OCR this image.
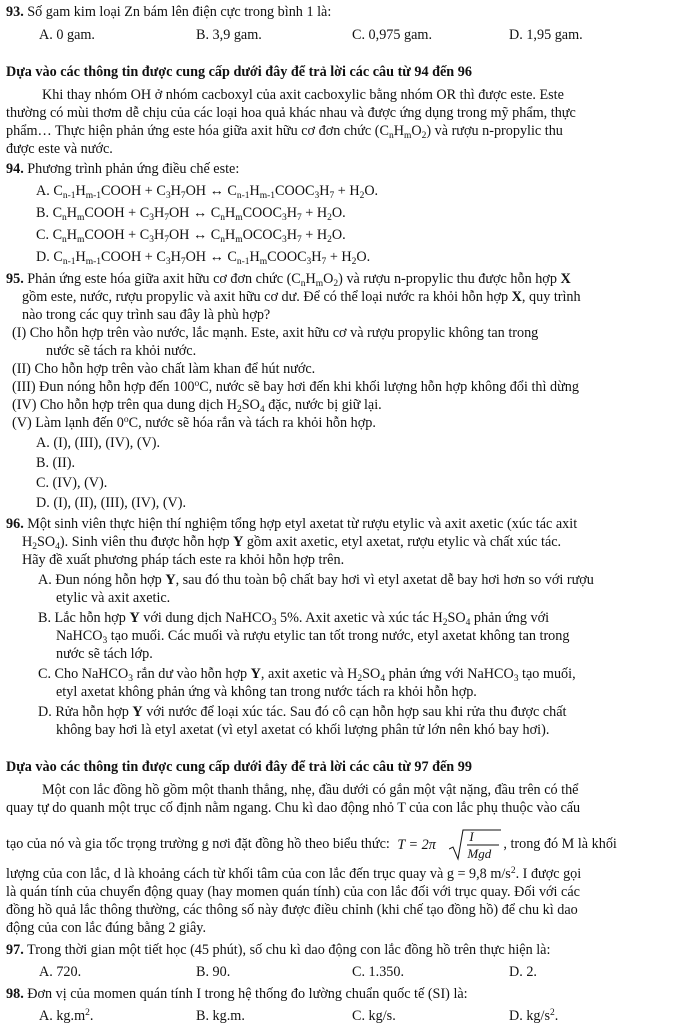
93. Số gam kim loại Zn bám lên điện cực trong bình 1 là:
A. 0 gam.	B. 3,9 gam.	C. 0,975 gam.	D. 1,95 gam.
Dựa vào các thông tin được cung cấp dưới đây để trả lời các câu từ 94 đến 96
Khi thay nhóm OH ở nhóm cacboxyl của axit cacboxylic bằng nhóm OR thì được este. Este
thường có mùi thơm dễ chịu của các loại hoa quả khác nhau và được ứng dụng trong mỹ phẩm, thực
phẩm… Thực hiện phản ứng este hóa giữa axit hữu cơ đơn chức $(C_nH_mO_2)$ và rượu n-propylic thu
được este và nước.
94. Phương trình phản ứng điều chế este:
A. $C_{n-1}H_{m-1}COOH + C_3H_7OH$ ↔ $C_{n-1}H_{m-1}COOC_3H_7 + H_2O$.
B. $C_nH_mCOOH + C_3H_7OH$ ↔ $C_nH_mCOOC_3H_7 + H_2O$.
C. $C_nH_mCOOH + C_3H_7OH$ ↔ $C_nH_mOCOC_3H_7 + H_2O$.
D. $C_{n-1}H_{m-1}COOH + C_3H_7OH$ ↔ $C_{n-1}H_mCOOC_3H_7 + H_2O$.
95. Phản ứng este hóa giữa axit hữu cơ đơn chức $(C_nH_mO_2)$ và rượu n-propylic thu được hỗn hợp X
gồm este, nước, rượu propylic và axit hữu cơ dư. Để có thể loại nước ra khỏi hỗn hợp X, quy trình
nào trong các quy trình sau đây là phù hợp?
(I) Cho hỗn hợp trên vào nước, lắc mạnh. Este, axit hữu cơ và rượu propylic không tan trong
nước sẽ tách ra khỏi nước.
(II) Cho hỗn hợp trên vào chất làm khan để hút nước.
(III) Đun nóng hỗn hợp đến 100$^o$C, nước sẽ bay hơi đến khi khối lượng hỗn hợp không đổi thì dừng
(IV) Cho hỗn hợp trên qua dung dịch $H_2SO_4$ đặc, nước bị giữ lại.
(V) Làm lạnh đến 0$^o$C, nước sẽ hóa rắn và tách ra khỏi hỗn hợp.
A. (I), (III), (IV), (V).
B. (II).
C. (IV), (V).
D. (I), (II), (III), (IV), (V).
96. Một sinh viên thực hiện thí nghiệm tổng hợp etyl axetat từ rượu etylic và axit axetic (xúc tác axit
$H_2SO_4$). Sinh viên thu được hỗn hợp Y gồm axit axetic, etyl axetat, rượu etylic và chất xúc tác.
Hãy đề xuất phương pháp tách este ra khỏi hỗn hợp trên.
A. Đun nóng hỗn hợp Y, sau đó thu toàn bộ chất bay hơi vì etyl axetat dễ bay hơi hơn so với rượu
etylic và axit axetic.
B. Lắc hỗn hợp Y với dung dịch NaHCO$_3$ 5%. Axit axetic và xúc tác $H_2SO_4$ phản ứng với
NaHCO$_3$ tạo muối. Các muối và rượu etylic tan tốt trong nước, etyl axetat không tan trong
nước sẽ tách lớp.
C. Cho NaHCO$_3$ rắn dư vào hỗn hợp Y, axit axetic và $H_2SO_4$ phản ứng với NaHCO$_3$ tạo muối,
etyl axetat không phản ứng và không tan trong nước tách ra khỏi hỗn hợp.
D. Rửa hỗn hợp Y với nước để loại xúc tác. Sau đó cô cạn hỗn hợp sau khi rửa thu được chất
không bay hơi là etyl axetat (vì etyl axetat có khối lượng phân tử lớn nên khó bay hơi).
Dựa vào các thông tin được cung cấp dưới đây để trả lời các câu từ 97 đến 99
Một con lắc đồng hồ gồm một thanh thẳng, nhẹ, đầu dưới có gắn một vật nặng, đầu trên có thể
quay tự do quanh một trục cố định nằm ngang. Chu kì dao động nhỏ T của con lắc phụ thuộc vào cấu
tạo của nó và gia tốc trọng trường g nơi đặt đồng hồ theo biểu thức: T = 2π
I
Mgd
, trong đó M là khối
lượng của con lắc, d là khoảng cách từ khối tâm của con lắc đến trục quay và g = 9,8 $m/s^2$. I được gọi
là quán tính của chuyển động quay (hay momen quán tính) của con lắc đối với trục quay. Đối với các
đồng hồ quả lắc thông thường, các thông số này được điều chỉnh (khi chế tạo đồng hồ) để chu kì dao
động của con lắc đúng bằng 2 giây.
97. Trong thời gian một tiết học (45 phút), số chu kì dao động con lắc đồng hồ trên thực hiện là:
A. 720.	B. 90.	C. 1.350.	D. 2.
98. Đơn vị của momen quán tính I trong hệ thống đo lường chuẩn quốc tế (SI) là:
A. $kg.m^2$.	B. kg.m.	C. kg/s.	D. $kg/s^2$.
